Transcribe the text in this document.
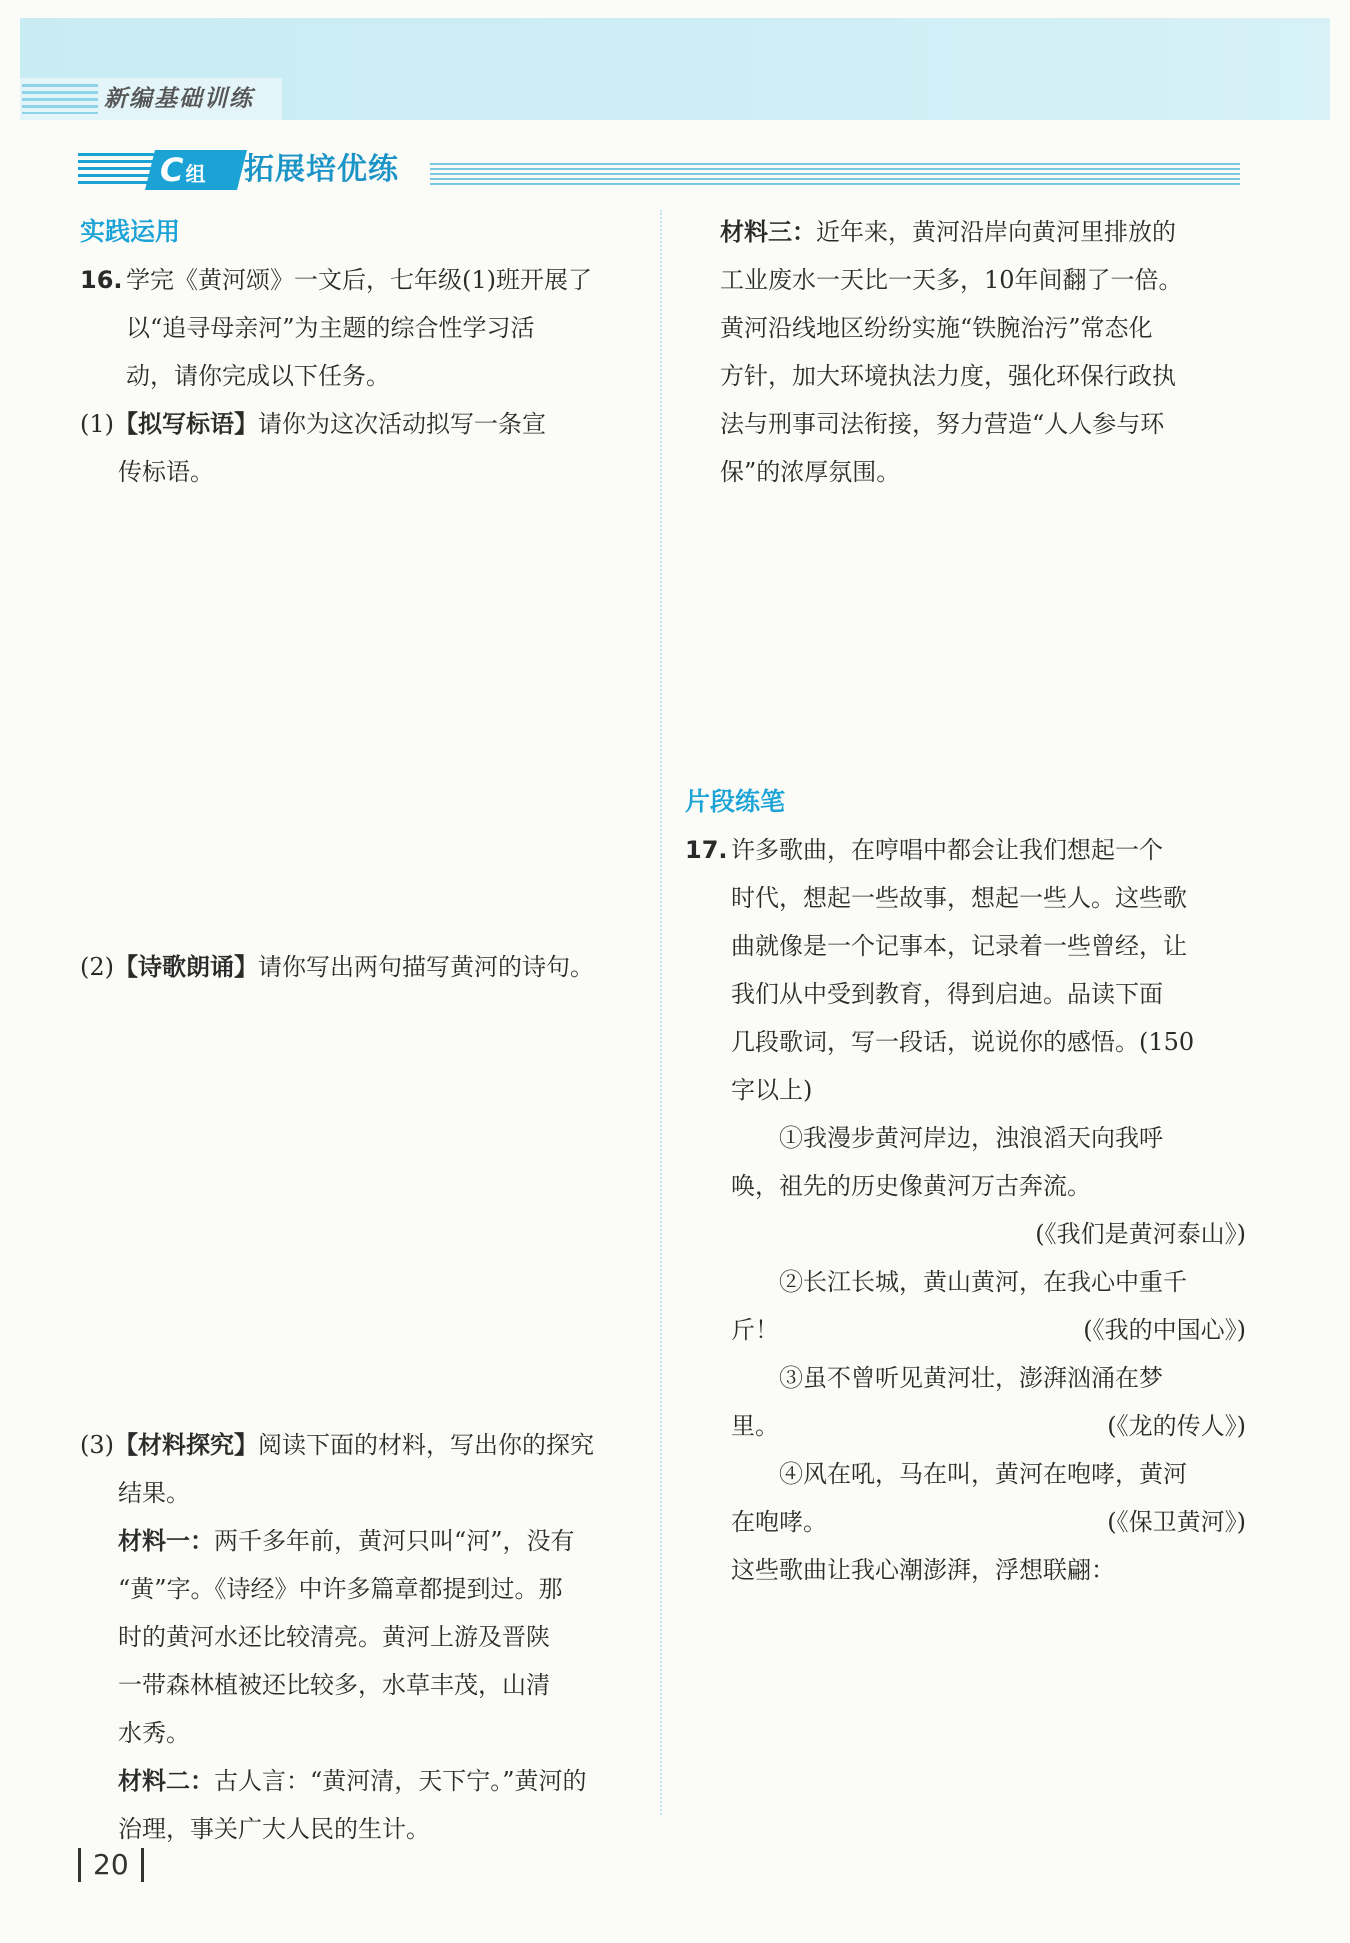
新编基础训练
C组 拓展培优练
实践运用
16. 学完《黄河颂》一文后，七年级(1)班开展了
以“追寻母亲河”为主题的综合性学习活
动，请你完成以下任务。
(1)【拟写标语】请你为这次活动拟写一条宣
传标语。
(2)【诗歌朗诵】请你写出两句描写黄河的诗句。
(3)【材料探究】阅读下面的材料，写出你的探究
结果。
材料一：两千多年前，黄河只叫“河”，没有
“黄”字。《诗经》中许多篇章都提到过。那
时的黄河水还比较清亮。黄河上游及晋陕
一带森林植被还比较多，水草丰茂，山清
水秀。
材料二：古人言：“黄河清，天下宁。”黄河的
治理，事关广大人民的生计。
材料三：近年来，黄河沿岸向黄河里排放的
工业废水一天比一天多，10年间翻了一倍。
黄河沿线地区纷纷实施“铁腕治污”常态化
方针，加大环境执法力度，强化环保行政执
法与刑事司法衔接，努力营造“人人参与环
保”的浓厚氛围。
片段练笔
17. 许多歌曲，在哼唱中都会让我们想起一个
时代，想起一些故事，想起一些人。这些歌
曲就像是一个记事本，记录着一些曾经，让
我们从中受到教育，得到启迪。品读下面
几段歌词，写一段话，说说你的感悟。(150
字以上)
①我漫步黄河岸边，浊浪滔天向我呼
唤，祖先的历史像黄河万古奔流。
(《我们是黄河泰山》)
②长江长城，黄山黄河，在我心中重千
斤！	(《我的中国心》)
③虽不曾听见黄河壮，澎湃汹涌在梦
里。	(《龙的传人》)
④风在吼，马在叫，黄河在咆哮，黄河
在咆哮。	(《保卫黄河》)
这些歌曲让我心潮澎湃，浮想联翩：
20
